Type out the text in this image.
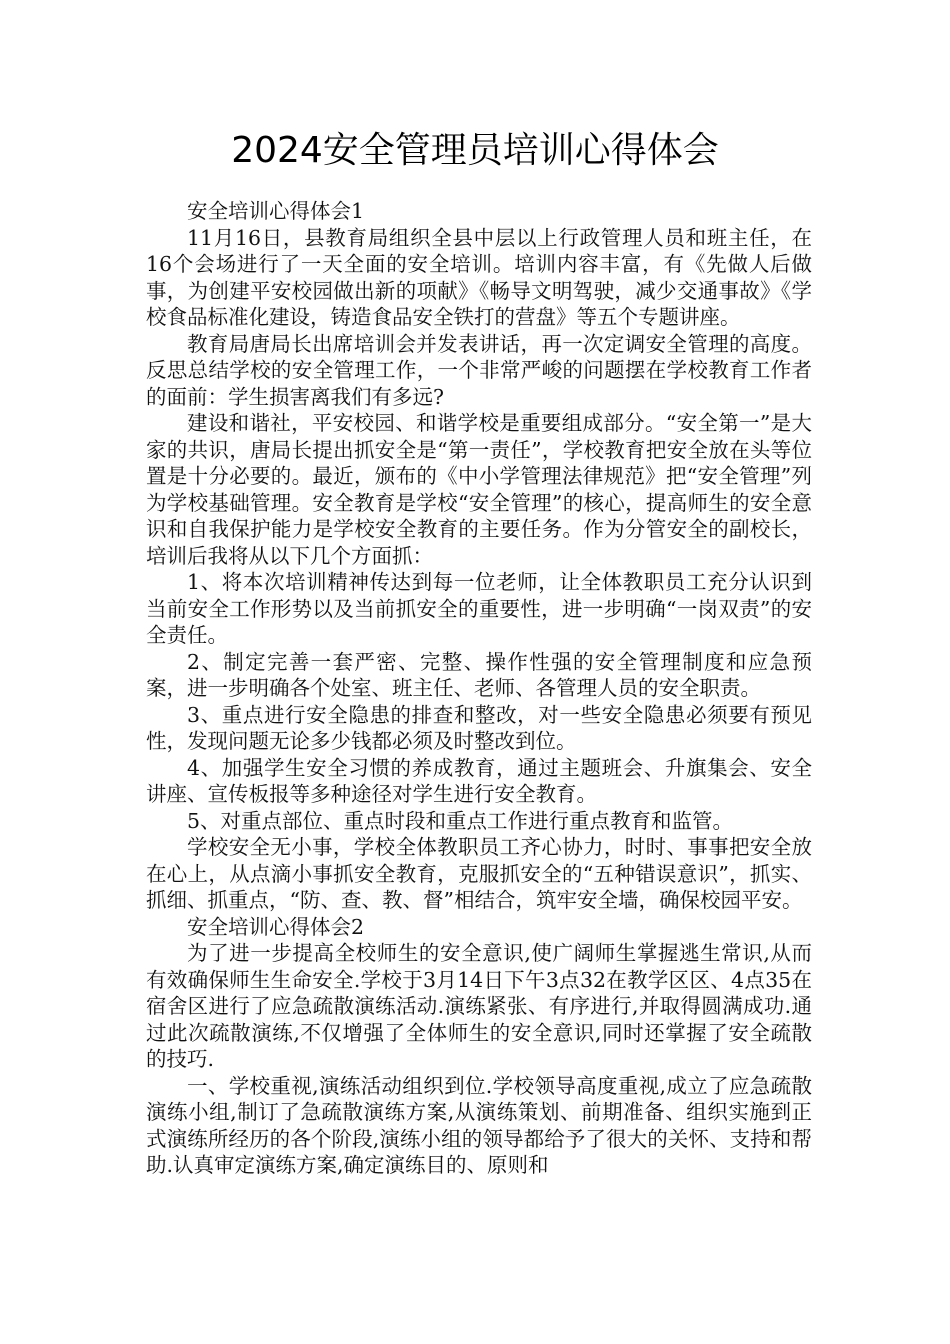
2024安全管理员培训心得体会

安全培训心得体会1

11月16日，县教育局组织全县中层以上行政管理人员和班主任，在16个会场进行了一天全面的安全培训。培训内容丰富，有《先做人后做事，为创建平安校园做出新的项献》《畅导文明驾驶，减少交通事故》《学校食品标准化建设，铸造食品安全铁打的营盘》等五个专题讲座。

教育局唐局长出席培训会并发表讲话，再一次定调安全管理的高度。反思总结学校的安全管理工作，一个非常严峻的问题摆在学校教育工作者的面前：学生损害离我们有多远?

建设和谐社，平安校园、和谐学校是重要组成部分。“安全第一”是大家的共识，唐局长提出抓安全是“第一责任”，学校教育把安全放在头等位置是十分必要的。最近，颁布的《中小学管理法律规范》把“安全管理”列为学校基础管理。安全教育是学校“安全管理”的核心，提高师生的安全意识和自我保护能力是学校安全教育的主要任务。作为分管安全的副校长，培训后我将从以下几个方面抓：

1、将本次培训精神传达到每一位老师，让全体教职员工充分认识到当前安全工作形势以及当前抓安全的重要性，进一步明确“一岗双责”的安全责任。

2、制定完善一套严密、完整、操作性强的安全管理制度和应急预案，进一步明确各个处室、班主任、老师、各管理人员的安全职责。

3、重点进行安全隐患的排查和整改，对一些安全隐患必须要有预见性，发现问题无论多少钱都必须及时整改到位。

4、加强学生安全习惯的养成教育，通过主题班会、升旗集会、安全讲座、宣传板报等多种途径对学生进行安全教育。

5、对重点部位、重点时段和重点工作进行重点教育和监管。

学校安全无小事，学校全体教职员工齐心协力，时时、事事把安全放在心上，从点滴小事抓安全教育，克服抓安全的“五种错误意识”，抓实、抓细、抓重点，“防、查、教、督”相结合，筑牢安全墙，确保校园平安。

安全培训心得体会2

为了进一步提高全校师生的安全意识,使广阔师生掌握逃生常识,从而有效确保师生生命安全.学校于3月14日下午3点32在教学区区、4点35在宿舍区进行了应急疏散演练活动.演练紧张、有序进行,并取得圆满成功.通过此次疏散演练,不仅增强了全体师生的安全意识,同时还掌握了安全疏散的技巧.

一、学校重视,演练活动组织到位.学校领导高度重视,成立了应急疏散演练小组,制订了急疏散演练方案,从演练策划、前期准备、组织实施到正式演练所经历的各个阶段,演练小组的领导都给予了很大的关怀、支持和帮助.认真审定演练方案,确定演练目的、原则和
